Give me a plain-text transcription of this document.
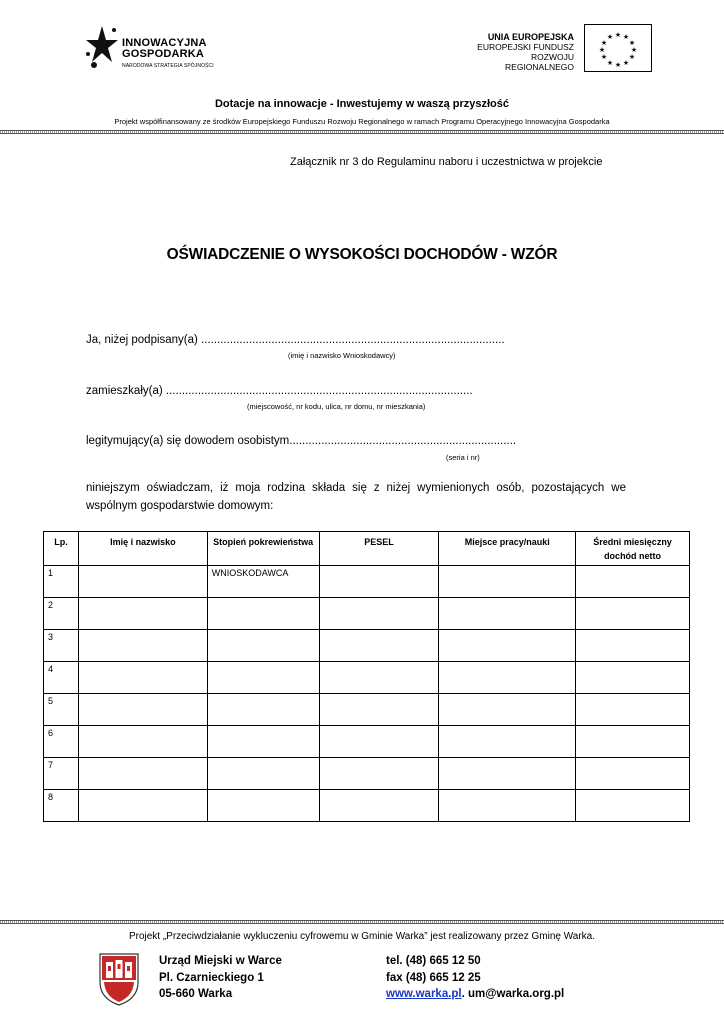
INNOWACYJNA
GOSPODARKA
NARODOWA STRATEGIA SPÓJNOŚCI
UNIA EUROPEJSKA
EUROPEJSKI FUNDUSZ
ROZWOJU REGIONALNEGO
★ ★
★
★
★
★
★
★
★
★
★
★
Dotacje na innowacje - Inwestujemy w waszą przyszłość
Projekt współfinansowany ze środków Europejskiego Funduszu Rozwoju Regionalnego w ramach Programu Operacyjnego Innowacyjna Gospodarka
Załącznik nr 3 do Regulaminu naboru i uczestnictwa w projekcie
OŚWIADCZENIE O WYSOKOŚCI DOCHODÓW - WZÓR
Ja, niżej podpisany(a) ...............................................................................................
(imię i nazwisko Wnioskodawcy)
zamieszkały(a) ................................................................................................
(miejscowość, nr kodu, ulica, nr domu, nr mieszkania)
legitymujący(a) się dowodem osobistym.......................................................................
(seria i nr)
niniejszym oświadczam, iż moja rodzina składa się z niżej wymienionych osób, pozostających we wspólnym gospodarstwie domowym:
Lp.	Imię i nazwisko	Stopień pokrewieństwa	PESEL	Miejsce pracy/nauki	Średni miesięczny dochód netto
1		WNIOSKODAWCA			
2					
3					
4					
5					
6					
7					
8					
Projekt „Przeciwdziałanie wykluczeniu cyfrowemu w Gminie Warka” jest realizowany przez Gminę Warka.
Urząd Miejski w Warce
Pl. Czarnieckiego 1
05-660 Warka
tel. (48) 665 12 50
fax (48) 665 12 25
www.warka.pl. um@warka.org.pl
